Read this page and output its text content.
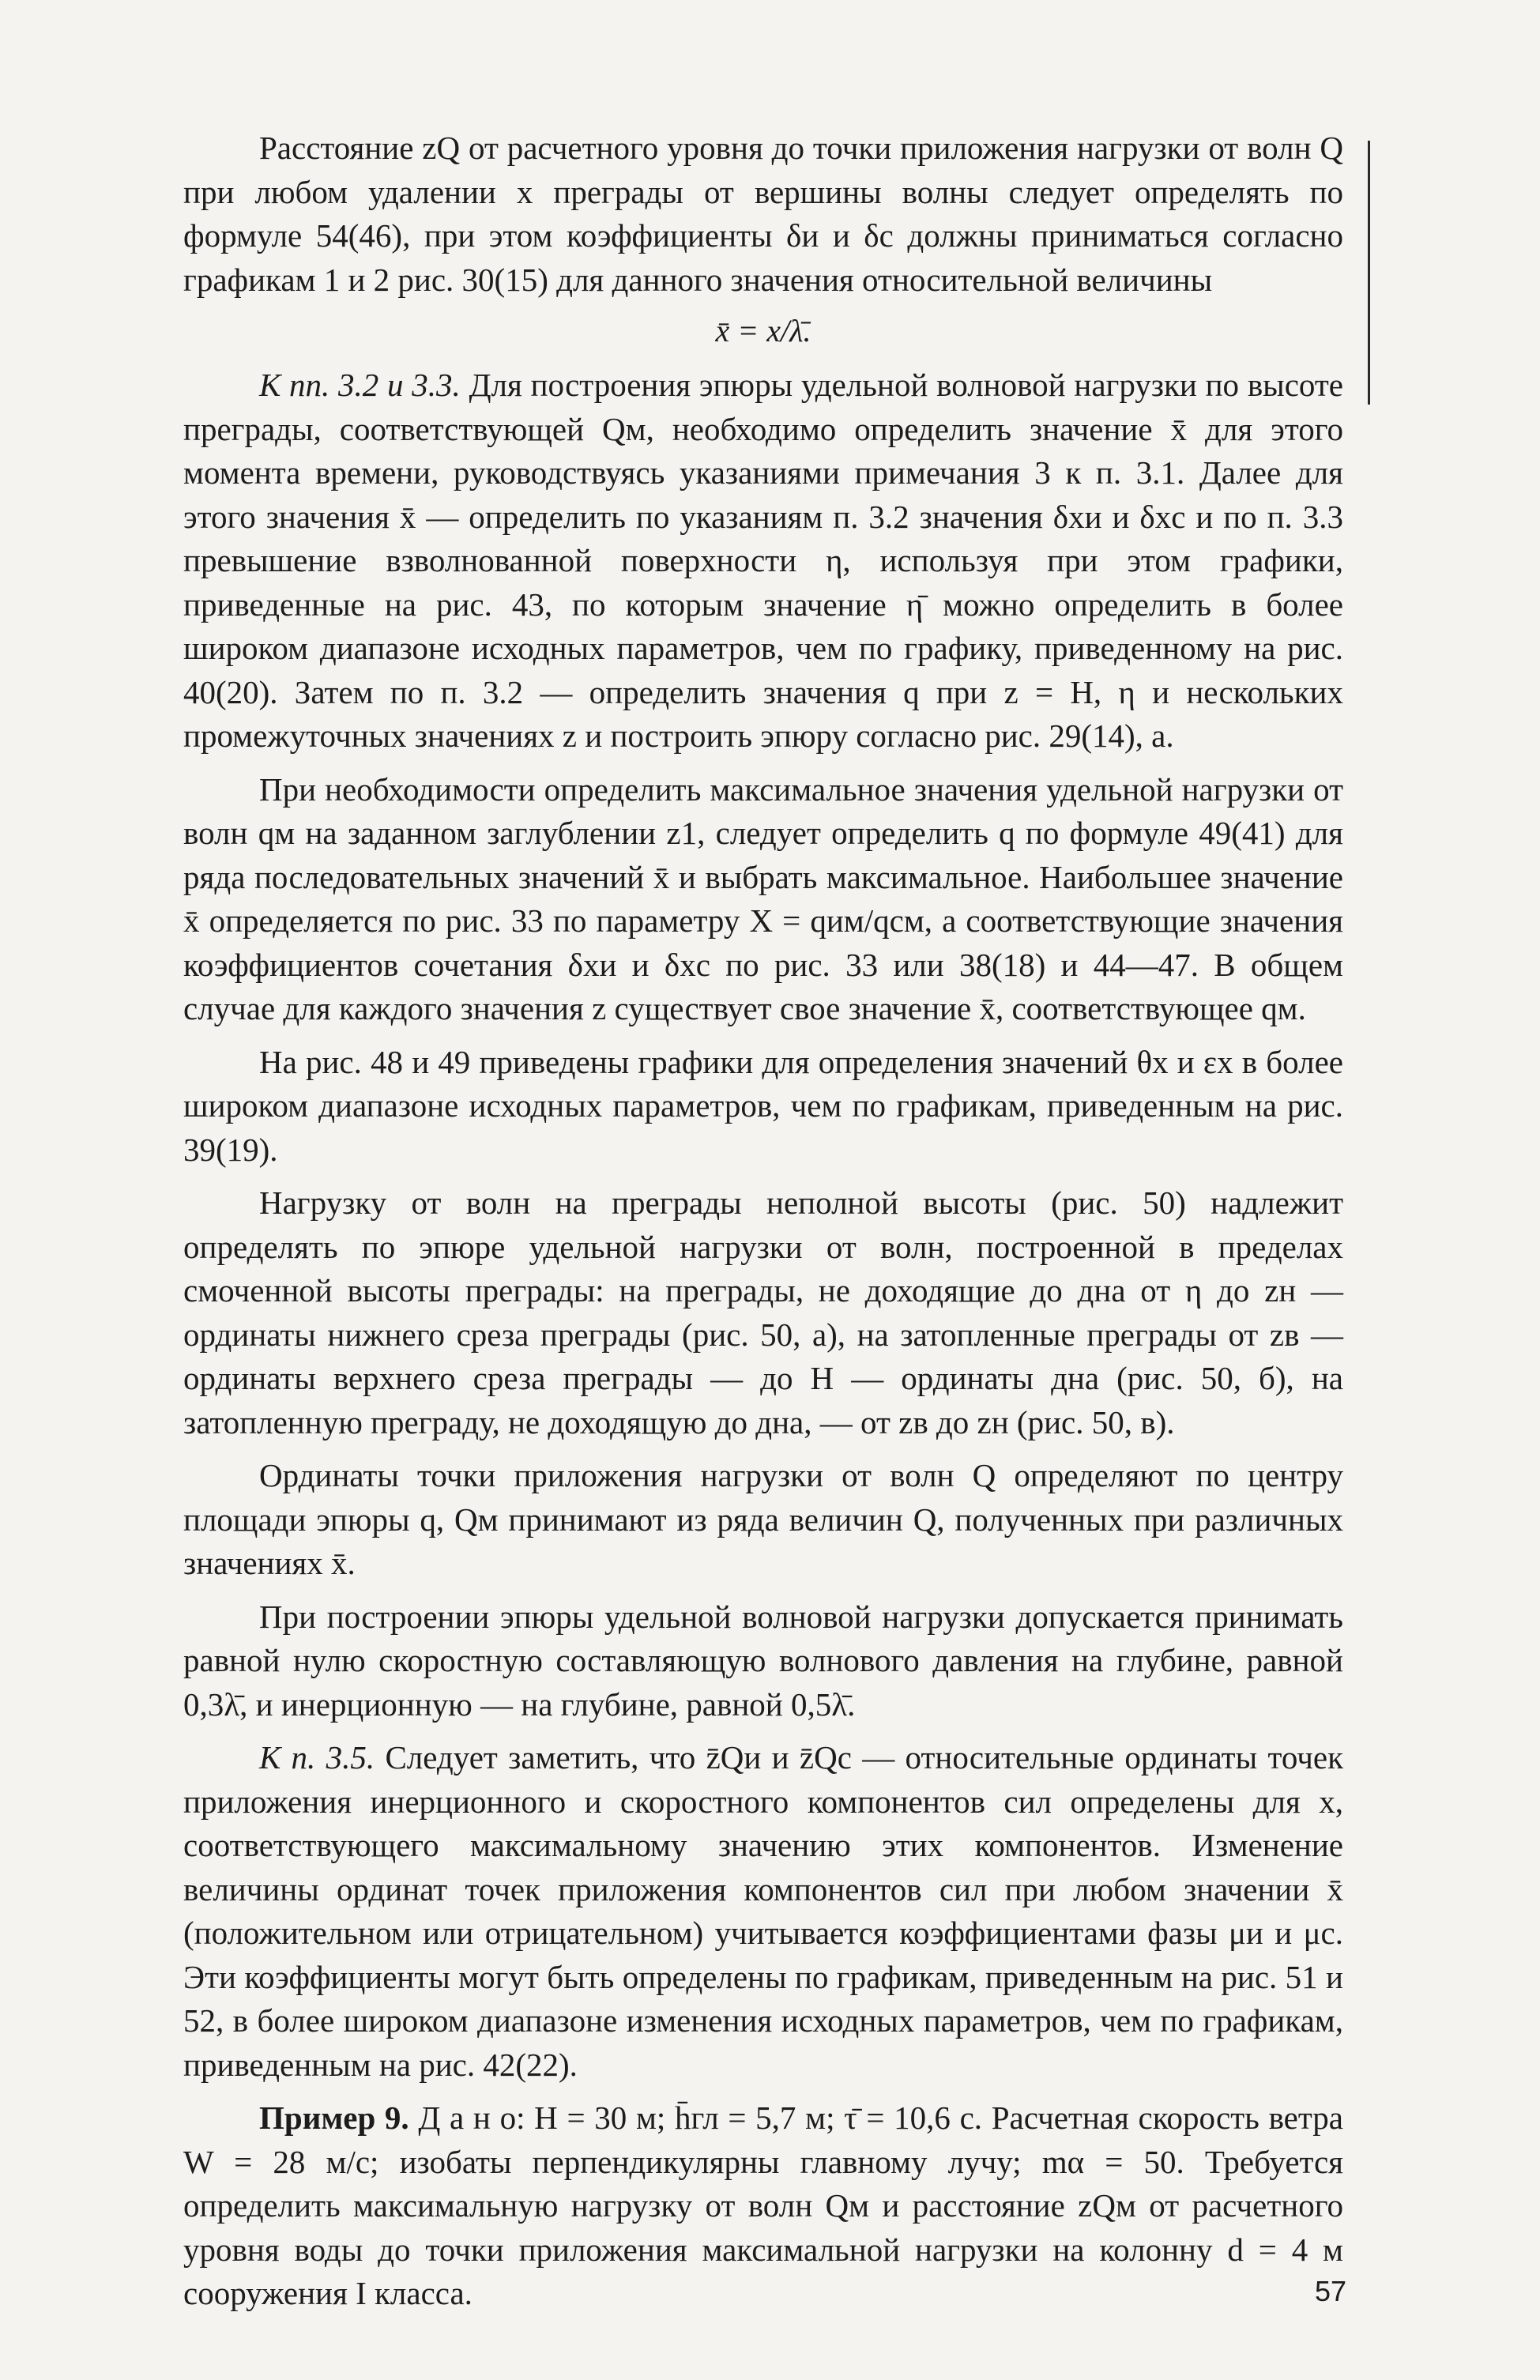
Расстояние zQ от расчетного уровня до точки приложения нагрузки от волн Q при любом удалении x преграды от вершины волны следует определять по формуле 54(46), при этом коэффициенты δи и δc должны приниматься согласно графикам 1 и 2 рис. 30(15) для данного значения относительной величины

x̄ = x/λ̄.

К пп. 3.2 и 3.3. Для построения эпюры удельной волновой нагрузки по высоте преграды, соответствующей Qм, необходимо определить значение x̄ для этого момента времени, руководствуясь указаниями примечания 3 к п. 3.1. Далее для этого значения x̄ — определить по указаниям п. 3.2 значения δxи и δxc и по п. 3.3 превышение взволнованной поверхности η, используя при этом графики, приведенные на рис. 43, по которым значение η̄ можно определить в более широком диапазоне исходных параметров, чем по графику, приведенному на рис. 40(20). Затем по п. 3.2 — определить значения q при z = H, η и нескольких промежуточных значениях z и построить эпюру согласно рис. 29(14), а.

При необходимости определить максимальное значения удельной нагрузки от волн qм на заданном заглублении z1, следует определить q по формуле 49(41) для ряда последовательных значений x̄ и выбрать максимальное. Наибольшее значение x̄ определяется по рис. 33 по параметру X = qим/qcм, а соответствующие значения коэффициентов сочетания δxи и δxc по рис. 33 или 38(18) и 44—47. В общем случае для каждого значения z существует свое значение x̄, соответствующее qм.

На рис. 48 и 49 приведены графики для определения значений θx и εx в более широком диапазоне исходных параметров, чем по графикам, приведенным на рис. 39(19).

Нагрузку от волн на преграды неполной высоты (рис. 50) надлежит определять по эпюре удельной нагрузки от волн, построенной в пределах смоченной высоты преграды: на преграды, не доходящие до дна от η до zн — ординаты нижнего среза преграды (рис. 50, а), на затопленные преграды от zв — ординаты верхнего среза преграды — до H — ординаты дна (рис. 50, б), на затопленную преграду, не доходящую до дна, — от zв до zн (рис. 50, в).

Ординаты точки приложения нагрузки от волн Q определяют по центру площади эпюры q, Qм принимают из ряда величин Q, полученных при различных значениях x̄.

При построении эпюры удельной волновой нагрузки допускается принимать равной нулю скоростную составляющую волнового давления на глубине, равной 0,3λ̄, и инерционную — на глубине, равной 0,5λ̄.

К п. 3.5. Следует заметить, что z̄Qи и z̄Qc — относительные ординаты точек приложения инерционного и скоростного компонентов сил определены для x, соответствующего максимальному значению этих компонентов. Изменение величины ординат точек приложения компонентов сил при любом значении x̄ (положительном или отрицательном) учитывается коэффициентами фазы μи и μc. Эти коэффициенты могут быть определены по графикам, приведенным на рис. 51 и 52, в более широком диапазоне изменения исходных параметров, чем по графикам, приведенным на рис. 42(22).

Пример 9. Д а н о: H = 30 м; h̄гл = 5,7 м; τ̄ = 10,6 с. Расчетная скорость ветра W = 28 м/с; изобаты перпендикулярны главному лучу; mα = 50. Требуется определить максимальную нагрузку от волн Qм и расстояние zQм от расчетного уровня воды до точки приложения максимальной нагрузки на колонну d = 4 м сооружения I класса.	57
